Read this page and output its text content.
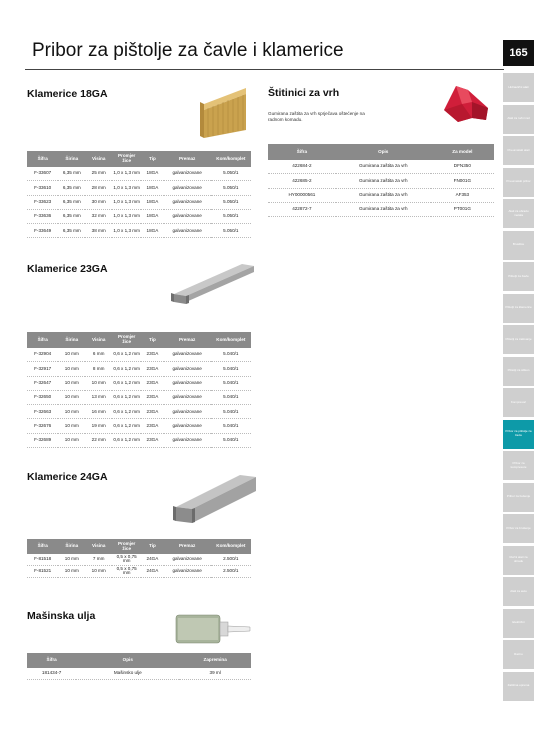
Pribor za pištolje za čavle i klamerice	165
Hidraulični alati
Alati za ručni rad
Pneumatski alati
Pneumatski pribor
Alati za obradu metala
Brusilice
Pištolji za čavle
Pištolji za klamerice
Pištolji za zakivanje
Pištolji za silikon
Kompresori
Pribor za pištolje za čavle
Pribor za kompresore
Pribor za bušenje
Pribor za brušenje
Ručni alati za obradu
Alati za auto
Električni
Razno
Zaštitna oprema
Klamerice 18GA
Šifra	Širina	Visina	Promjer žice	Tip	Premaz	Kom/komplet
F-33607	6,35 mm	25 mm	1,0 x 1,3 mm	18GA	galvanizovane	5.050/1
F-33610	6,35 mm	28 mm	1,0 x 1,3 mm	18GA	galvanizovane	5.050/1
F-33623	6,35 mm	30 mm	1,0 x 1,3 mm	18GA	galvanizovane	5.050/1
F-33636	6,35 mm	32 mm	1,0 x 1,3 mm	18GA	galvanizovane	5.050/1
F-33649	6,35 mm	38 mm	1,0 x 1,3 mm	18GA	galvanizovane	5.050/1
Klamerice 23GA
Šifra	Širina	Visina	Promjer žice	Tip	Premaz	Kom/komplet
F-32904	10 mm	6 mm	0,6 x 1,2 mm	23GA	galvanizovane	5.040/1
F-32917	10 mm	8 mm	0,6 x 1,2 mm	23GA	galvanizovane	5.040/1
F-32647	10 mm	10 mm	0,6 x 1,2 mm	23GA	galvanizovane	5.040/1
F-32650	10 mm	13 mm	0,6 x 1,2 mm	23GA	galvanizovane	5.040/1
F-32663	10 mm	16 mm	0,6 x 1,2 mm	23GA	galvanizovane	5.040/1
F-32676	10 mm	19 mm	0,6 x 1,2 mm	23GA	galvanizovane	5.040/1
F-32689	10 mm	22 mm	0,6 x 1,2 mm	23GA	galvanizovane	5.040/1
Klamerice 24GA
Šifra	Širina	Visina	Promjer žice	Tip	Premaz	Kom/komplet
F-81518	10 mm	7 mm	0,5 x 0,75 mm	24GA	galvanizovane	2.500/1
F-81521	10 mm	10 mm	0,5 x 0,75 mm	24GA	galvanizovane	2.500/1
Mašinska ulja
Šifra	Opis	Zapremina
181434-7	Mašinsko ulje	39 ml
Štitinici za vrh

Gumirana zaštita za vrh sprječava oštećenje na radnom komadu.

Šifra	Opis	Za model
422684-2	Gumirana zaštita za vrh	DFN350
422685-2	Gumirana zaštita za vrh	FN001G
HY00000561	Gumirana zaštita za vrh	AF353
422872-7	Gumirana zaštita za vrh	PT001G
